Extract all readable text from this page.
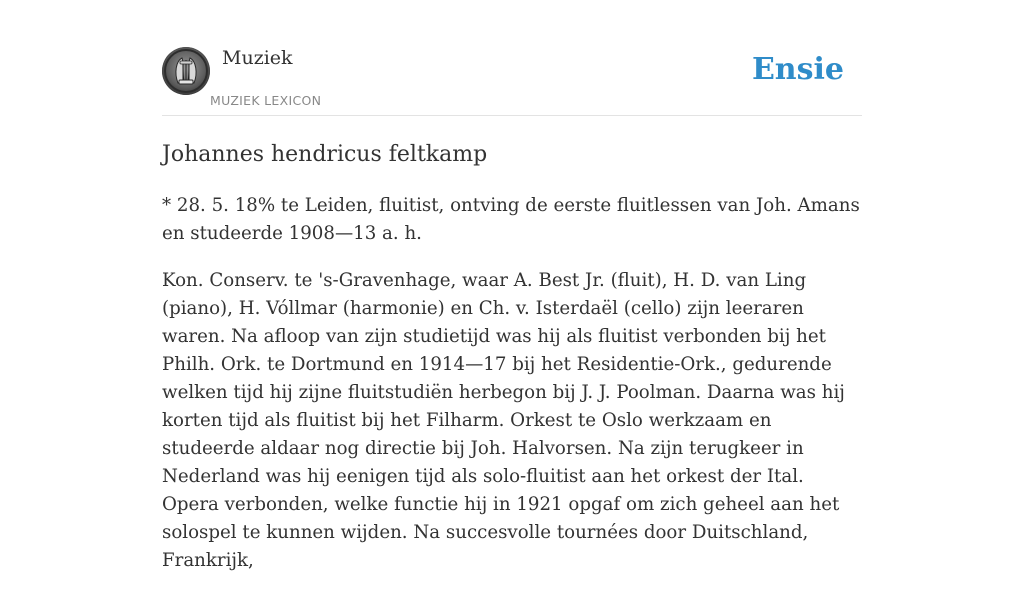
Muziek
MUZIEK LEXICON
Ensie
Johannes hendricus feltkamp

* 28. 5. 18% te Leiden, fluitist, ontving de eerste fluitlessen van Joh. Amans en studeerde 1908—13 a. h.

Kon. Conserv. te 's-Gravenhage, waar A. Best Jr. (fluit), H. D. van Ling (piano), H. Vóllmar (harmonie) en Ch. v. Isterdaël (cello) zijn leeraren waren. Na afloop van zijn studietijd was hij als fluitist verbonden bij het Philh. Ork. te Dortmund en 1914—17 bij het Residentie-Ork., gedurende welken tijd hij zijne fluitstudiën herbegon bij J. J. Poolman. Daarna was hij korten tijd als fluitist bij het Filharm. Orkest te Oslo werkzaam en studeerde aldaar nog directie bij Joh. Halvorsen. Na zijn terugkeer in Nederland was hij eenigen tijd als solo-fluitist aan het orkest der Ital. Opera verbonden, welke functie hij in 1921 opgaf om zich geheel aan het solospel te kunnen wijden. Na succesvolle tournées door Duitschland, Frankrijk,
